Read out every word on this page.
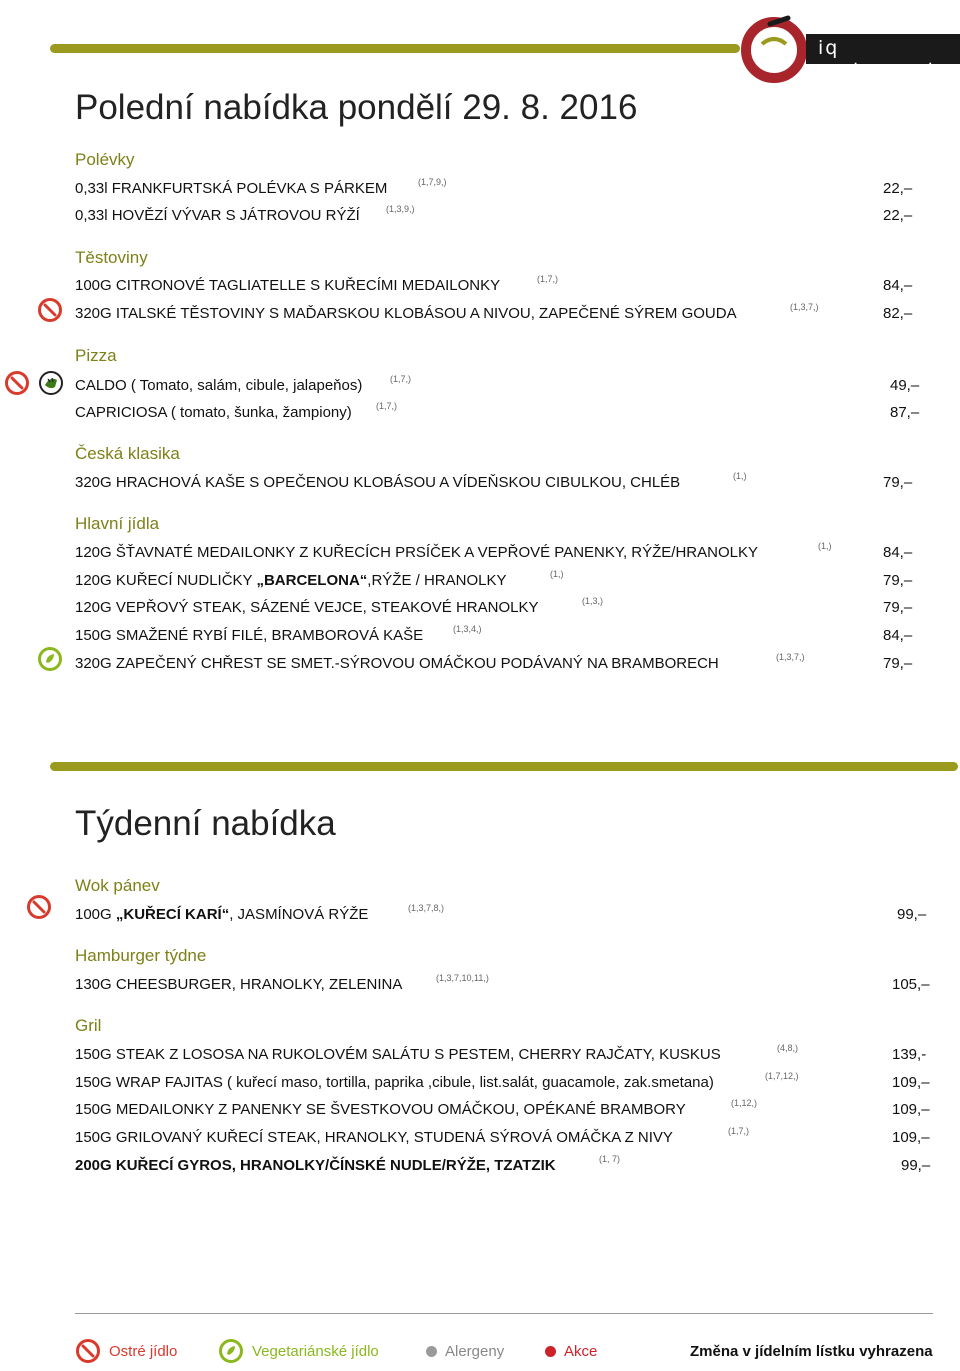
iq restaurant
Polední nabídka pondělí 29. 8. 2016
Polévky
0,33l FRANKFURTSKÁ POLÉVKA S PÁRKEM	(1,7,9,)	22,–
0,33l HOVĚZÍ VÝVAR S JÁTROVOU RÝŽÍ	(1,3,9,)	22,–
Těstoviny
100G CITRONOVÉ TAGLIATELLE S KUŘECÍMI MEDAILONKY	(1,7,)	84,–
320G ITALSKÉ TĚSTOVINY S MAĎARSKOU KLOBÁSOU A NIVOU, ZAPEČENÉ SÝREM GOUDA	(1,3,7,)	82,–
Pizza
CALDO ( Tomato, salám, cibule, jalapeňos)	(1,7,)	49,–
CAPRICIOSA ( tomato, šunka, žampiony)	(1,7,)	87,–
Česká klasika
320G HRACHOVÁ KAŠE S OPEČENOU KLOBÁSOU A VÍDEŇSKOU CIBULKOU, CHLÉB	(1,)	79,–
Hlavní jídla
120G ŠŤAVNATÉ MEDAILONKY Z KUŘECÍCH PRSÍČEK A VEPŘOVÉ PANENKY, RÝŽE/HRANOLKY	(1,)	84,–
120G KUŘECÍ NUDLIČKY „BARCELONA“,RÝŽE / HRANOLKY	(1,)	79,–
120G VEPŘOVÝ STEAK, SÁZENÉ VEJCE, STEAKOVÉ HRANOLKY	(1,3,)	79,–
150G SMAŽENÉ RYBÍ FILÉ, BRAMBOROVÁ KAŠE	(1,3,4,)	84,–
320G ZAPEČENÝ CHŘEST SE SMET.-SÝROVOU OMÁČKOU PODÁVANÝ NA BRAMBORECH	(1,3,7,)	79,–
Týdenní nabídka
Wok pánev
100G „KUŘECÍ KARÍ“, JASMÍNOVÁ RÝŽE	(1,3,7,8,)	99,–
Hamburger týdne
130G CHEESBURGER, HRANOLKY, ZELENINA	(1,3,7,10,11,)	105,–
Gril
150G STEAK Z LOSOSA NA RUKOLOVÉM SALÁTU S PESTEM, CHERRY RAJČATY, KUSKUS	(4,8,)	139,-
150G WRAP FAJITAS ( kuřecí maso, tortilla, paprika ,cibule, list.salát, guacamole, zak.smetana)	(1,7,12,)	109,–
150G MEDAILONKY Z PANENKY SE ŠVESTKOVOU OMÁČKOU, OPÉKANÉ BRAMBORY	(1,12,)	109,–
150G GRILOVANÝ KUŘECÍ STEAK, HRANOLKY, STUDENÁ SÝROVÁ OMÁČKA Z NIVY	(1,7,)	109,–
200G KUŘECÍ GYROS, HRANOLKY/ČÍNSKÉ NUDLE/RÝŽE, TZATZIK	(1, 7)	99,–
Ostré jídlo	Vegetariánské jídlo	Alergeny	Akce	Změna v jídelním lístku vyhrazena
